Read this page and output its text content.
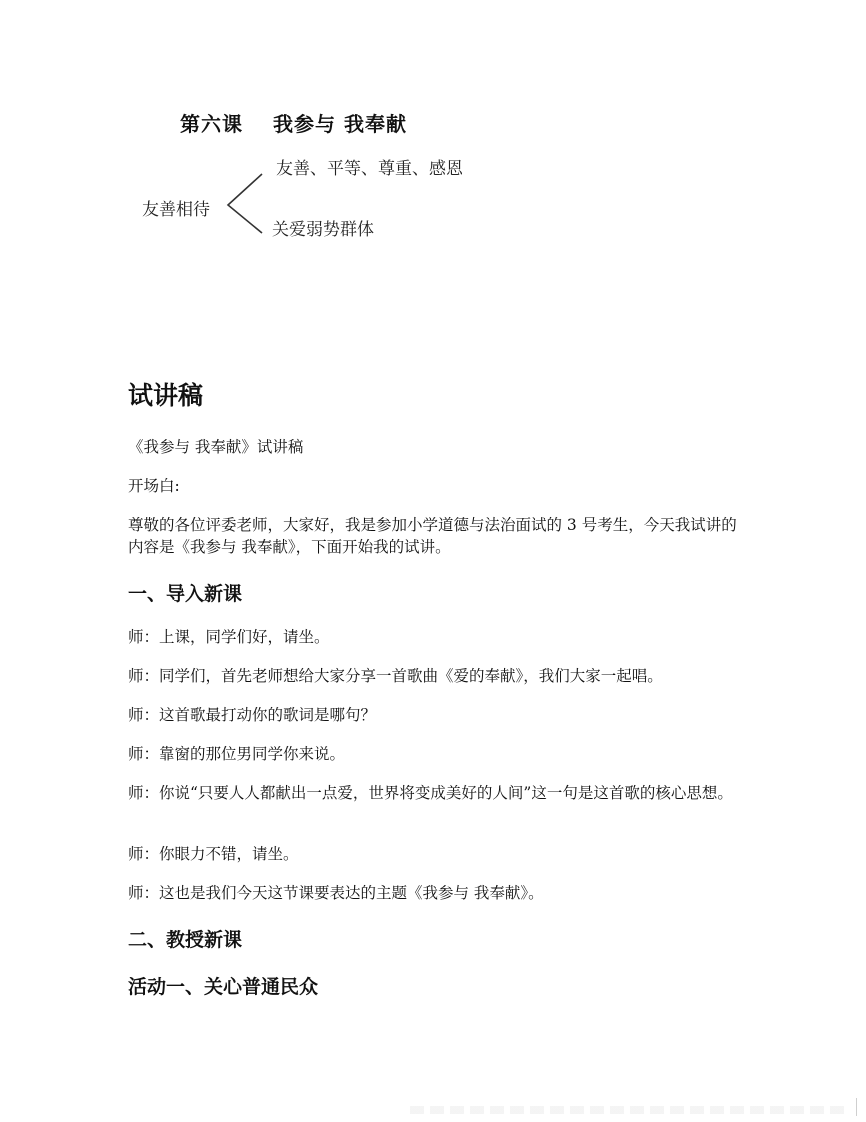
第六课 我参与 我奉献
友善相待
友善、平等、尊重、感恩
关爱弱势群体
试讲稿
《我参与 我奉献》试讲稿
开场白:
尊敬的各位评委老师，大家好，我是参加小学道德与法治面试的 3 号考生，今天我试讲的内容是《我参与 我奉献》，下面开始我的试讲。
一、导入新课
师：上课，同学们好，请坐。
师：同学们，首先老师想给大家分享一首歌曲《爱的奉献》，我们大家一起唱。
师：这首歌最打动你的歌词是哪句？
师：靠窗的那位男同学你来说。
师：你说“只要人人都献出一点爱，世界将变成美好的人间”这一句是这首歌的核心思想。
师：你眼力不错，请坐。
师：这也是我们今天这节课要表达的主题《我参与 我奉献》。
二、教授新课
活动一、关心普通民众
